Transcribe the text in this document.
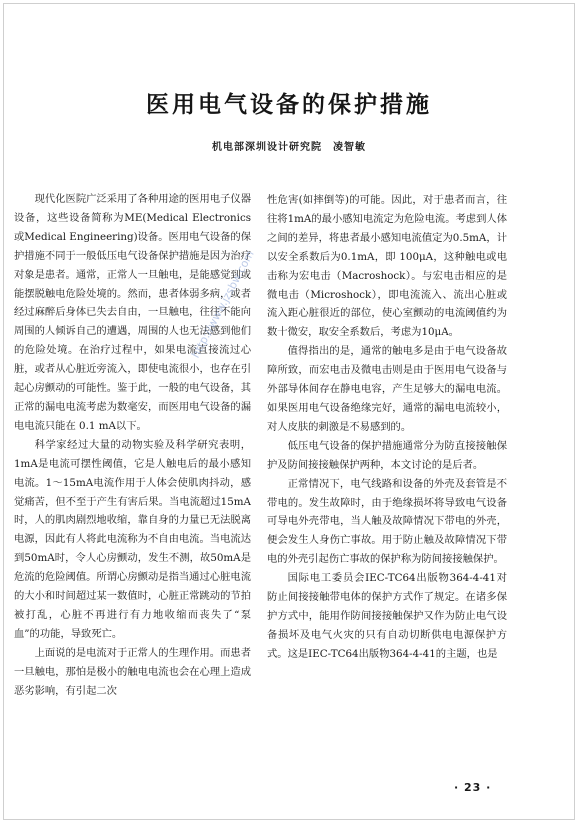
医用电气设备的保护措施
机电部深圳设计研究院　凌智敏

现代化医院广泛采用了各种用途的医用电子仪器设备，这些设备简称为ME(Medical Electronics或Medical Engineering)设备。医用电气设备的保护措施不同于一般低压电气设备保护措施是因为治疗对象是患者。通常，正常人一旦触电，是能感觉到或能摆脱触电危险处境的。然而，患者体弱多病，或者经过麻醉后身体已失去自由，一旦触电，往往不能向周围的人倾诉自己的遭遇，周围的人也无法感到他们的危险处境。在治疗过程中，如果电流直接流过心脏，或者从心脏近旁流入，即使电流很小，也存在引起心房颤动的可能性。鉴于此，一般的电气设备，其正常的漏电电流考虑为数毫安，而医用电气设备的漏电电流只能在 0.1 mA以下。

科学家经过大量的动物实验及科学研究表明，1mA是电流可摆性阈值，它是人触电后的最小感知电流。1～15mA电流作用于人体会使肌肉抖动，感觉痛苦，但不至于产生有害后果。当电流超过15mA时，人的肌肉剧烈地收缩，靠自身的力量已无法脱离电源，因此有人将此电流称为不自由电流。当电流达到50mA时，令人心房颤动，发生不测，故50mA是危流的危险阈值。所谓心房颤动是指当通过心脏电流的大小和时间超过某一数值时，心脏正常跳动的节拍被打乱，心脏不再进行有力地收缩而丧失了“泵血”的功能，导致死亡。

上面说的是电流对于正常人的生理作用。而患者一旦触电，那怕是极小的触电电流也会在心理上造成恶劣影响，有引起二次

性危害(如摔倒等)的可能。因此，对于患者而言，往往将1mA的最小感知电流定为危险电流。考虑到人体之间的差异，将患者最小感知电流值定为0.5mA，计以安全系数后为0.1mA，即 100μA，这种触电或电击称为宏电击（Macroshock）。与宏电击相应的是微电击（Microshock），即电流流入、流出心脏或流入距心脏很近的部位，使心室颤动的电流阈值约为数十微安，取安全系数后，考虑为10μA。

值得指出的是，通常的触电多是由于电气设备故障所致，而宏电击及微电击则是由于医用电气设备与外部导体间存在静电电容，产生足够大的漏电电流。如果医用电气设备绝缘完好，通常的漏电电流较小，对人皮肤的刺激是不易感到的。

低压电气设备的保护措施通常分为防直接接触保护及防间接接触保护两种，本文讨论的是后者。

正常情况下，电气线路和设备的外壳及套管是不带电的。发生故障时，由于绝缘损坏将导致电气设备可导电外壳带电，当人触及故障情况下带电的外壳，便会发生人身伤亡事故。用于防止触及故障情况下带电的外壳引起伤亡事故的保护称为防间接接触保护。

国际电工委员会IEC-TC64出版物364-4-41对防止间接接触带电体的保护方式作了规定。在诸多保护方式中，能用作防间接接触保护又作为防止电气设备损坏及电气火灾的只有自动切断供电电源保护方式。这是IEC-TC64出版物364-4-41的主题，也是

http://www.jzsbw.com
· 23 ·
